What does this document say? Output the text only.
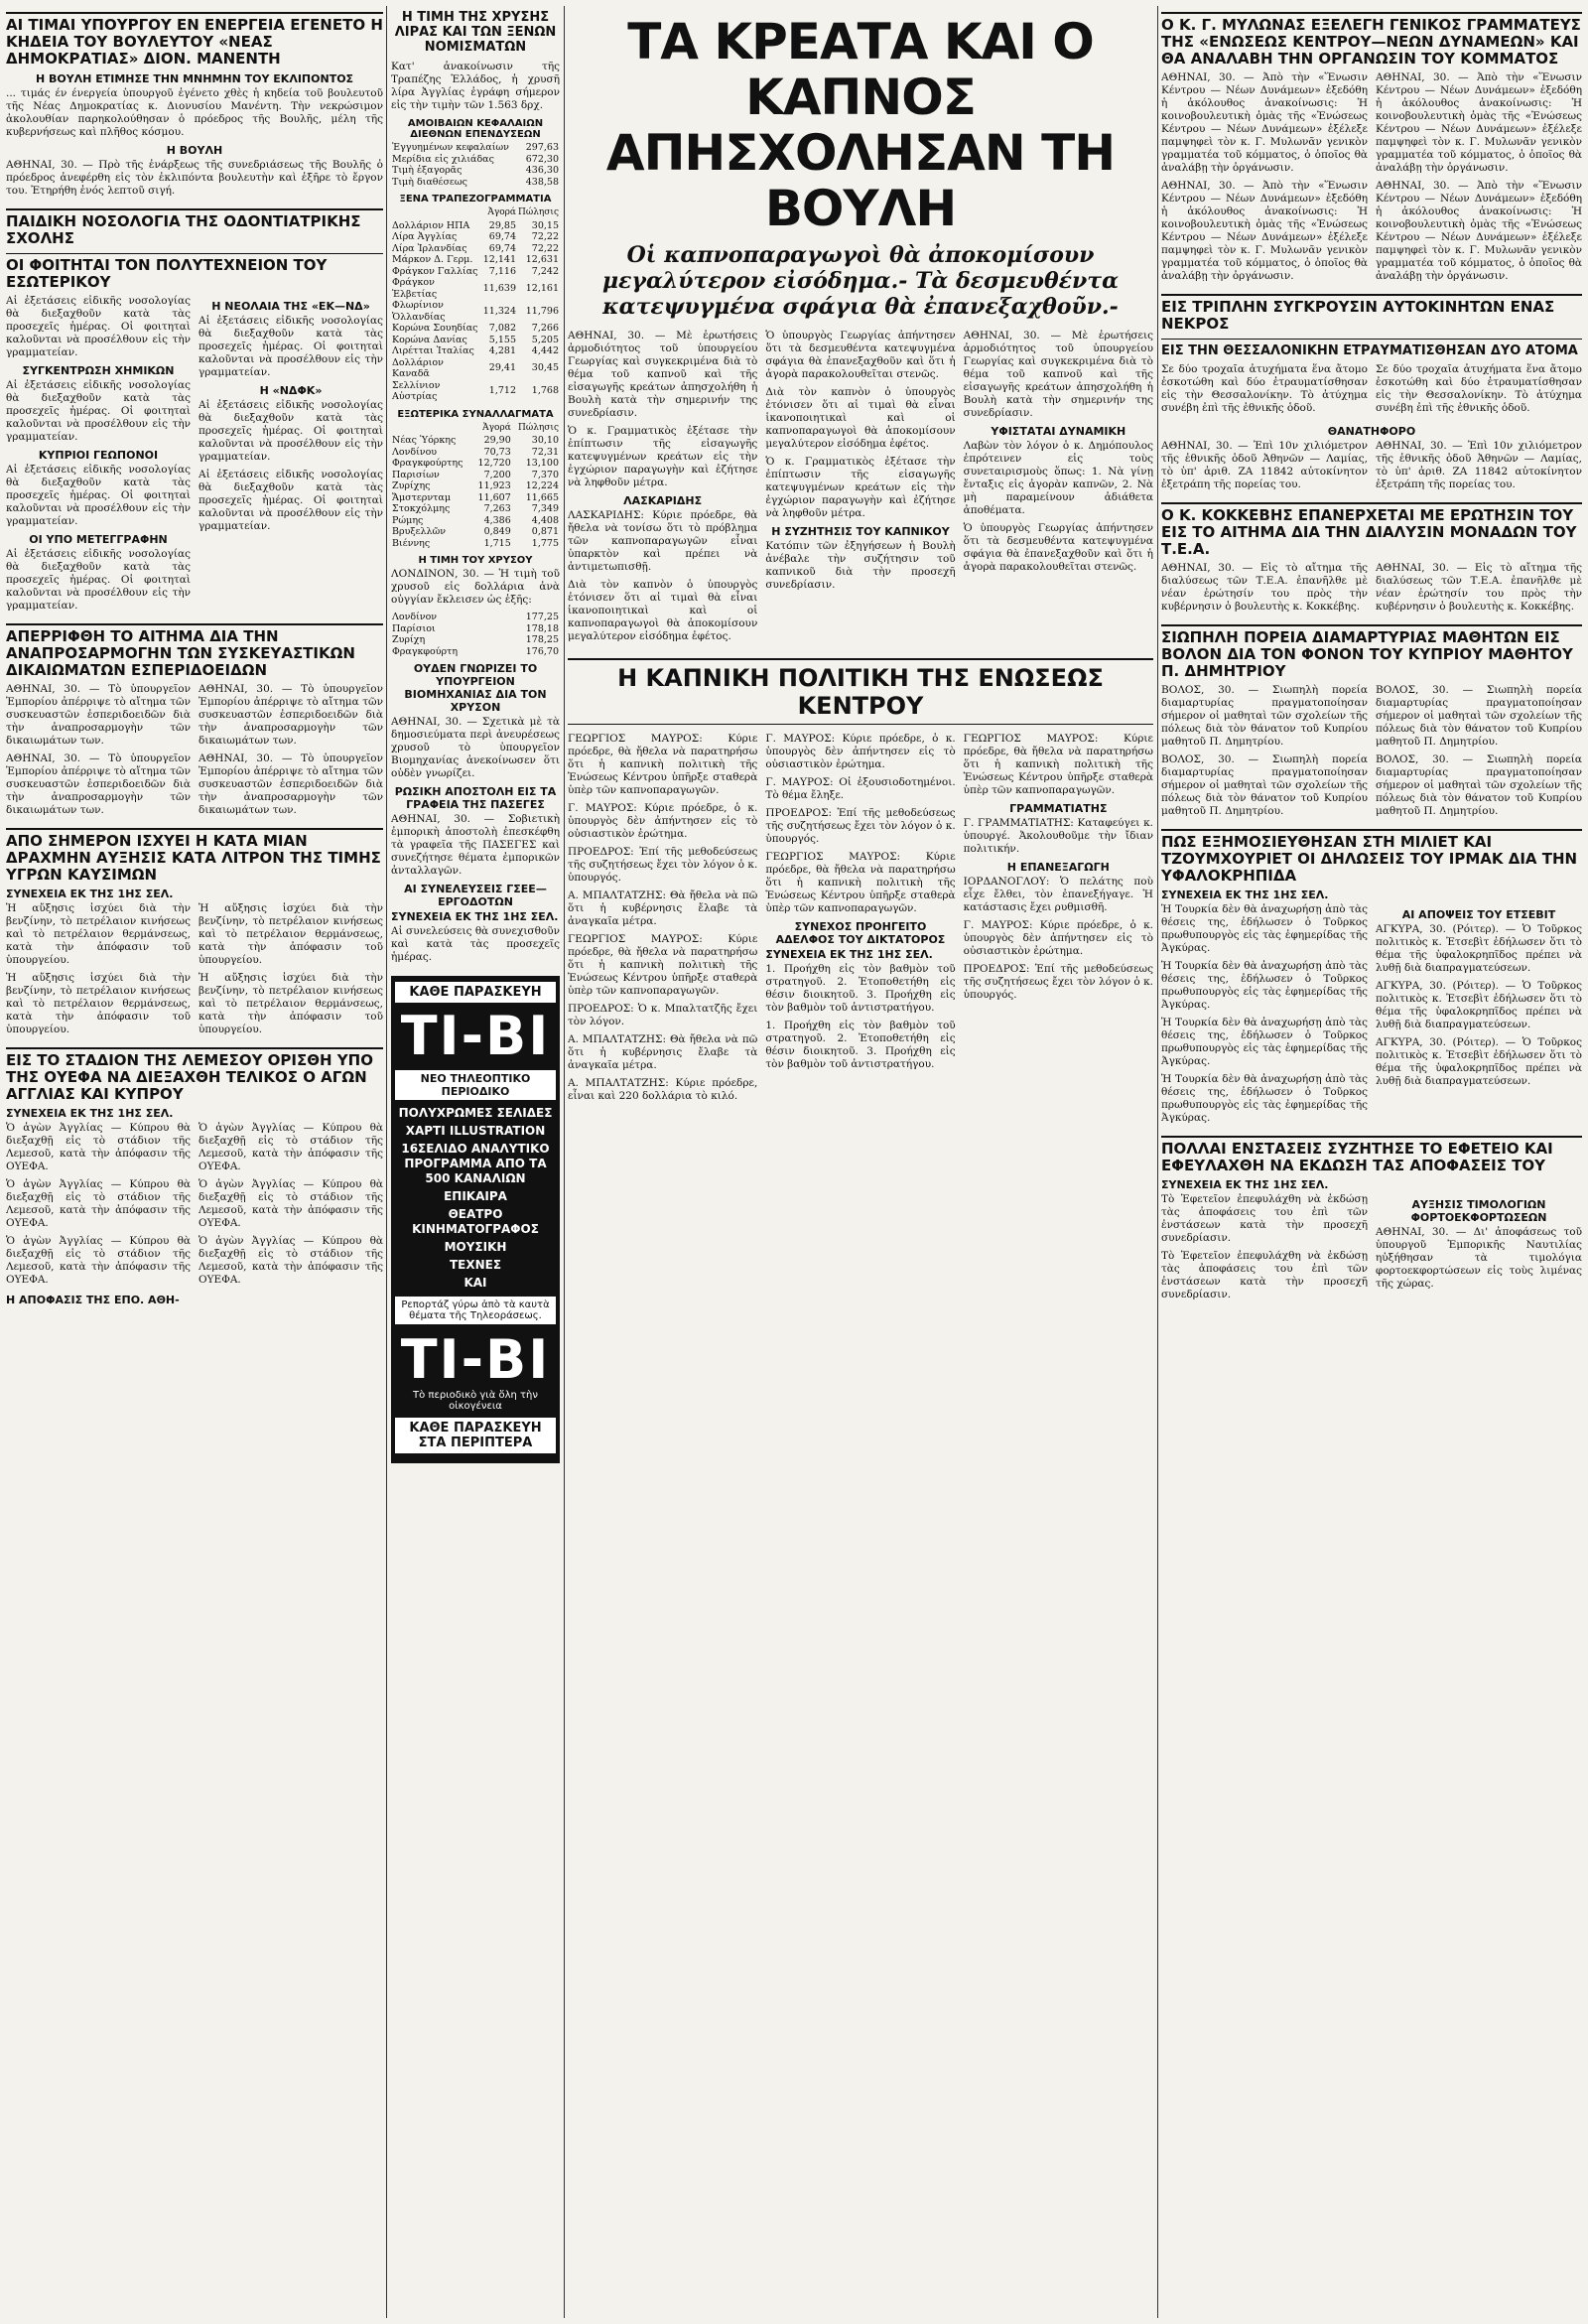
ΑΙ ΤΙΜΑΙ ΥΠΟΥΡΓΟΥ ΕΝ ΕΝΕΡΓΕΙΑ ΕΓΕΝΕΤΟ Η ΚΗΔΕΙΑ ΤΟΥ ΒΟΥΛΕΥΤΟΥ «ΝΕΑΣ ΔΗΜΟΚΡΑΤΙΑΣ» ΔΙΟΝ. ΜΑΝΕΝΤΗ
Η ΒΟΥΛΗ ΕΤΙΜΗΣΕ ΤΗΝ ΜΝΗΜΗΝ ΤΟΥ ΕΚΛΙΠΟΝΤΟΣ

... τιμάς έν ένεργεία ὑπουργοῦ ἐγένετο χθὲς ἡ κηδεία τοῦ βουλευτοῦ τῆς Νέας Δημοκρατίας κ. Διονυσίου Μανέντη. Τὴν νεκρώσιμον ἀκολουθίαν παρηκολούθησαν ὁ πρόεδρος τῆς Βουλῆς, μέλη τῆς κυβερνήσεως καὶ πλῆθος κόσμου.

Η ΒΟΥΛΗ

ΑΘΗΝΑΙ, 30. — Πρὸ τῆς ἐνάρξεως τῆς συνεδριάσεως τῆς Βουλῆς ὁ πρόεδρος ἀνεφέρθη εἰς τὸν ἐκλιπόντα βουλευτὴν καὶ ἐξῆρε τὸ ἔργον του. Ἐτηρήθη ἐνός λεπτοῦ σιγή.

ΠΑΙΔΙΚΗ ΝΟΣΟΛΟΓΙΑ ΤΗΣ ΟΔΟΝΤΙΑΤΡΙΚΗΣ ΣΧΟΛΗΣ
ΟΙ ΦΟΙΤΗΤΑΙ ΤΟΝ ΠΟΛΥΤΕΧΝΕΙΟΝ ΤΟΥ ΕΣΩΤΕΡΙΚΟΥ

Αἱ ἐξετάσεις εἰδικῆς νοσολογίας θὰ διεξαχθοῦν κατὰ τὰς προσεχεῖς ἡμέρας. Οἱ φοιτηταὶ καλοῦνται νὰ προσέλθουν εἰς τὴν γραμματείαν.

ΣΥΓΚΕΝΤΡΩΣΗ ΧΗΜΙΚΩΝ

Αἱ ἐξετάσεις εἰδικῆς νοσολογίας θὰ διεξαχθοῦν κατὰ τὰς προσεχεῖς ἡμέρας. Οἱ φοιτηταὶ καλοῦνται νὰ προσέλθουν εἰς τὴν γραμματείαν.

ΚΥΠΡΙΟΙ ΓΕΩΠΟΝΟΙ

Αἱ ἐξετάσεις εἰδικῆς νοσολογίας θὰ διεξαχθοῦν κατὰ τὰς προσεχεῖς ἡμέρας. Οἱ φοιτηταὶ καλοῦνται νὰ προσέλθουν εἰς τὴν γραμματείαν.

ΟΙ ΥΠΟ ΜΕΤΕΓΓΡΑΦΗΝ

Αἱ ἐξετάσεις εἰδικῆς νοσολογίας θὰ διεξαχθοῦν κατὰ τὰς προσεχεῖς ἡμέρας. Οἱ φοιτηταὶ καλοῦνται νὰ προσέλθουν εἰς τὴν γραμματείαν.

Η ΝΕΟΛΑΙΑ ΤΗΣ «ΕΚ—ΝΔ»

Αἱ ἐξετάσεις εἰδικῆς νοσολογίας θὰ διεξαχθοῦν κατὰ τὰς προσεχεῖς ἡμέρας. Οἱ φοιτηταὶ καλοῦνται νὰ προσέλθουν εἰς τὴν γραμματείαν.

Η «ΝΔΦΚ»

Αἱ ἐξετάσεις εἰδικῆς νοσολογίας θὰ διεξαχθοῦν κατὰ τὰς προσεχεῖς ἡμέρας. Οἱ φοιτηταὶ καλοῦνται νὰ προσέλθουν εἰς τὴν γραμματείαν.

Αἱ ἐξετάσεις εἰδικῆς νοσολογίας θὰ διεξαχθοῦν κατὰ τὰς προσεχεῖς ἡμέρας. Οἱ φοιτηταὶ καλοῦνται νὰ προσέλθουν εἰς τὴν γραμματείαν.

ΑΠΕΡΡΙΦΘΗ ΤΟ ΑΙΤΗΜΑ ΔΙΑ ΤΗΝ ΑΝΑΠΡΟΣΑΡΜΟΓΗΝ ΤΩΝ ΣΥΣΚΕΥΑΣΤΙΚΩΝ ΔΙΚΑΙΩΜΑΤΩΝ ΕΣΠΕΡΙΔΟΕΙΔΩΝ

ΑΘΗΝΑΙ, 30. — Τὸ ὑπουργεῖον Ἐμπορίου ἀπέρριψε τὸ αἴτημα τῶν συσκευαστῶν ἐσπεριδοειδῶν διὰ τὴν ἀναπροσαρμογὴν τῶν δικαιωμάτων των.

ΑΘΗΝΑΙ, 30. — Τὸ ὑπουργεῖον Ἐμπορίου ἀπέρριψε τὸ αἴτημα τῶν συσκευαστῶν ἐσπεριδοειδῶν διὰ τὴν ἀναπροσαρμογὴν τῶν δικαιωμάτων των.

ΑΘΗΝΑΙ, 30. — Τὸ ὑπουργεῖον Ἐμπορίου ἀπέρριψε τὸ αἴτημα τῶν συσκευαστῶν ἐσπεριδοειδῶν διὰ τὴν ἀναπροσαρμογὴν τῶν δικαιωμάτων των.

ΑΘΗΝΑΙ, 30. — Τὸ ὑπουργεῖον Ἐμπορίου ἀπέρριψε τὸ αἴτημα τῶν συσκευαστῶν ἐσπεριδοειδῶν διὰ τὴν ἀναπροσαρμογὴν τῶν δικαιωμάτων των.

ΑΠΟ ΣΗΜΕΡΟΝ ΙΣΧΥΕΙ Η ΚΑΤΑ ΜΙΑΝ ΔΡΑΧΜΗΝ ΑΥΞΗΣΙΣ ΚΑΤΑ ΛΙΤΡΟΝ ΤΗΣ ΤΙΜΗΣ ΥΓΡΩΝ ΚΑΥΣΙΜΩΝ
ΣΥΝΕΧΕΙΑ ΕΚ ΤΗΣ 1ΗΣ ΣΕΛ.

Ἡ αὔξησις ἰσχύει διὰ τὴν βενζίνην, τὸ πετρέλαιον κινήσεως καὶ τὸ πετρέλαιον θερμάνσεως, κατὰ τὴν ἀπόφασιν τοῦ ὑπουργείου.

Ἡ αὔξησις ἰσχύει διὰ τὴν βενζίνην, τὸ πετρέλαιον κινήσεως καὶ τὸ πετρέλαιον θερμάνσεως, κατὰ τὴν ἀπόφασιν τοῦ ὑπουργείου.

Ἡ αὔξησις ἰσχύει διὰ τὴν βενζίνην, τὸ πετρέλαιον κινήσεως καὶ τὸ πετρέλαιον θερμάνσεως, κατὰ τὴν ἀπόφασιν τοῦ ὑπουργείου.

Ἡ αὔξησις ἰσχύει διὰ τὴν βενζίνην, τὸ πετρέλαιον κινήσεως καὶ τὸ πετρέλαιον θερμάνσεως, κατὰ τὴν ἀπόφασιν τοῦ ὑπουργείου.

ΕΙΣ ΤΟ ΣΤΑΔΙΟΝ ΤΗΣ ΛΕΜΕΣΟΥ ΟΡΙΣΘΗ ΥΠΟ ΤΗΣ ΟΥΕΦΑ ΝΑ ΔΙΕΞΑΧΘΗ ΤΕΛΙΚΟΣ Ο ΑΓΩΝ ΑΓΓΛΙΑΣ ΚΑΙ ΚΥΠΡΟΥ
ΣΥΝΕΧΕΙΑ ΕΚ ΤΗΣ 1ΗΣ ΣΕΛ.

Ὁ ἀγὼν Ἀγγλίας — Κύπρου θὰ διεξαχθῇ εἰς τὸ στάδιον τῆς Λεμεσοῦ, κατὰ τὴν ἀπόφασιν τῆς ΟΥΕΦΑ.

Ὁ ἀγὼν Ἀγγλίας — Κύπρου θὰ διεξαχθῇ εἰς τὸ στάδιον τῆς Λεμεσοῦ, κατὰ τὴν ἀπόφασιν τῆς ΟΥΕΦΑ.

Ὁ ἀγὼν Ἀγγλίας — Κύπρου θὰ διεξαχθῇ εἰς τὸ στάδιον τῆς Λεμεσοῦ, κατὰ τὴν ἀπόφασιν τῆς ΟΥΕΦΑ.

Ὁ ἀγὼν Ἀγγλίας — Κύπρου θὰ διεξαχθῇ εἰς τὸ στάδιον τῆς Λεμεσοῦ, κατὰ τὴν ἀπόφασιν τῆς ΟΥΕΦΑ.

Ὁ ἀγὼν Ἀγγλίας — Κύπρου θὰ διεξαχθῇ εἰς τὸ στάδιον τῆς Λεμεσοῦ, κατὰ τὴν ἀπόφασιν τῆς ΟΥΕΦΑ.

Ὁ ἀγὼν Ἀγγλίας — Κύπρου θὰ διεξαχθῇ εἰς τὸ στάδιον τῆς Λεμεσοῦ, κατὰ τὴν ἀπόφασιν τῆς ΟΥΕΦΑ.

Η ΑΠΟΦΑΣΙΣ ΤΗΣ ΕΠΟ. ΑΘΗ-
Η ΤΙΜΗ ΤΗΣ ΧΡΥΣΗΣ ΛΙΡΑΣ ΚΑΙ ΤΩΝ ΞΕΝΩΝ ΝΟΜΙΣΜΑΤΩΝ

Κατ' ἀνακοίνωσιν τῆς Τραπέζης Ἑλλάδος, ἡ χρυσῆ λίρα Ἀγγλίας ἐγράφη σήμερον εἰς τὴν τιμὴν τῶν 1.563 δρχ.

ΑΜΟΙΒΑΙΩΝ ΚΕΦΑΛΑΙΩΝ ΔΙΕΘΝΩΝ ΕΠΕΝΔΥΣΕΩΝ
Ἐγγυημένων κεφαλαίων	297,63
Μερίδια εἰς χιλιάδας	672,30
Τιμὴ ἐξαγορᾶς	436,30
Τιμὴ διαθέσεως	438,58
ΞΕΝΑ ΤΡΑΠΕΖΟΓΡΑΜΜΑΤΙΑ
	Ἀγορά	Πώλησις
Δολλάριον ΗΠΑ	29,85	30,15
Λίρα Ἀγγλίας	69,74	72,22
Λίρα Ἰρλανδίας	69,74	72,22
Μάρκον Δ. Γερμ.	12,141	12,631
Φράγκον Γαλλίας	7,116	7,242
Φράγκον Ἑλβετίας	11,639	12,161
Φλωρίνιον Ὁλλανδίας	11,324	11,796
Κορώνα Σουηδίας	7,082	7,266
Κορώνα Δανίας	5,155	5,205
Λιρέτται Ἰταλίας	4,281	4,442
Δολλάριον Καναδᾶ	29,41	30,45
Σελλίνιον Αὐστρίας	1,712	1,768
ΕΞΩΤΕΡΙΚΑ ΣΥΝΑΛΛΑΓΜΑΤΑ
	Ἀγορά	Πώλησις
Νέας Ὑόρκης	29,90	30,10
Λονδίνου	70,73	72,31
Φραγκφούρτης	12,720	13,100
Παρισίων	7,200	7,370
Ζυρίχης	11,923	12,224
Ἄμστερνταμ	11,607	11,665
Στοκχόλμης	7,263	7,349
Ρώμης	4,386	4,408
Βρυξελλῶν	0,849	0,871
Βιέννης	1,715	1,775
Η ΤΙΜΗ ΤΟΥ ΧΡΥΣΟΥ

ΛΟΝΔΙΝΟΝ, 30. — Ἡ τιμὴ τοῦ χρυσοῦ εἰς δολλάρια ἀνὰ οὐγγίαν ἔκλεισεν ὡς ἑξῆς:

Λονδίνον	177,25
Παρίσιοι	178,18
Ζυρίχη	178,25
Φραγκφούρτη	176,70
ΟΥΔΕΝ ΓΝΩΡΙΖΕΙ ΤΟ ΥΠΟΥΡΓΕΙΟΝ ΒΙΟΜΗΧΑΝΙΑΣ ΔΙΑ ΤΟΝ ΧΡΥΣΟΝ

ΑΘΗΝΑΙ, 30. — Σχετικὰ μὲ τὰ δημοσιεύματα περὶ ἀνευρέσεως χρυσοῦ τὸ ὑπουργεῖον Βιομηχανίας ἀνεκοίνωσεν ὅτι οὐδὲν γνωρίζει.

ΡΩΣΙΚΗ ΑΠΟΣΤΟΛΗ ΕΙΣ ΤΑ ΓΡΑΦΕΙΑ ΤΗΣ ΠΑΣΕΓΕΣ

ΑΘΗΝΑΙ, 30. — Σοβιετικὴ ἐμπορικὴ ἀποστολὴ ἐπεσκέφθη τὰ γραφεῖα τῆς ΠΑΣΕΓΕΣ καὶ συνεζήτησε θέματα ἐμπορικῶν ἀνταλλαγῶν.

ΑΙ ΣΥΝΕΛΕΥΣΕΙΣ ΓΣΕΕ—ΕΡΓΟΔΟΤΩΝ
ΣΥΝΕΧΕΙΑ ΕΚ ΤΗΣ 1ΗΣ ΣΕΛ.

Αἱ συνελεύσεις θὰ συνεχισθοῦν καὶ κατὰ τὰς προσεχεῖς ἡμέρας.

ΚΑΘΕ ΠΑΡΑΣΚΕΥΗ
ΤΙ-ΒΙ
ΝΕΟ ΤΗΛΕΟΠΤΙΚΟ ΠΕΡΙΟΔΙΚΟ
ΠΟΛΥΧΡΩΜΕΣ ΣΕΛΙΔΕΣ
ΧΑΡΤΙ ILLUSTRATION
16ΣΕΛΙΔΟ ΑΝΑΛΥΤΙΚΟ ΠΡΟΓΡΑΜΜΑ ΑΠΟ ΤΑ 500 ΚΑΝΑΛΙΩΝ
ΕΠΙΚΑΙΡΑ
ΘΕΑΤΡΟ ΚΙΝΗΜΑΤΟΓΡΑΦΟΣ
ΜΟΥΣΙΚΗ
ΤΕΧΝΕΣ
ΚΑΙ
Ρεπορτάζ γύρω ἀπὸ τὰ καυτὰ θέματα τῆς Τηλεοράσεως.
ΤΙ-ΒΙ
Τὸ περιοδικὸ γιὰ ὅλη τὴν οἰκογένεια
ΚΑΘΕ ΠΑΡΑΣΚΕΥΗ ΣΤΑ ΠΕΡΙΠΤΕΡΑ
ΤΑ ΚΡΕΑΤΑ ΚΑΙ Ο ΚΑΠΝΟΣ
ΑΠΗΣΧΟΛΗΣΑΝ ΤΗ ΒΟΥΛΗ
Οἱ καπνοπαραγωγοὶ θὰ ἀποκομίσουν μεγαλύτερον εἰσόδημα.- Τὰ δεσμευθέντα κατεψυγμένα σφάγια θὰ ἐπανεξαχθοῦν.-

ΑΘΗΝΑΙ, 30. — Μὲ ἐρωτήσεις ἀρμοδιότητος τοῦ ὑπουργείου Γεωργίας καὶ συγκεκριμένα διὰ τὸ θέμα τοῦ καπνοῦ καὶ τῆς εἰσαγωγῆς κρεάτων ἀπησχολήθη ἡ Βουλὴ κατὰ τὴν σημερινήν της συνεδρίασιν.

Ὁ κ. Γραμματικὸς ἐξέτασε τὴν ἐπίπτωσιν τῆς εἰσαγωγῆς κατεψυγμένων κρεάτων εἰς τὴν ἐγχώριον παραγωγὴν καὶ ἐζήτησε νὰ ληφθοῦν μέτρα.

ΛΑΣΚΑΡΙΔΗΣ

ΛΑΣΚΑΡΙΔΗΣ: Κύριε πρόεδρε, θὰ ἤθελα νὰ τονίσω ὅτι τὸ πρόβλημα τῶν καπνοπαραγωγῶν εἶναι ὑπαρκτὸν καὶ πρέπει νὰ ἀντιμετωπισθῇ.

Διὰ τὸν καπνὸν ὁ ὑπουργὸς ἐτόνισεν ὅτι αἱ τιμαὶ θὰ εἶναι ἱκανοποιητικαὶ καὶ οἱ καπνοπαραγωγοὶ θὰ ἀποκομίσουν μεγαλύτερον εἰσόδημα ἐφέτος.

Ὁ ὑπουργὸς Γεωργίας ἀπήντησεν ὅτι τὰ δεσμευθέντα κατεψυγμένα σφάγια θὰ ἐπανεξαχθοῦν καὶ ὅτι ἡ ἀγορὰ παρακολουθεῖται στενῶς.

Διὰ τὸν καπνὸν ὁ ὑπουργὸς ἐτόνισεν ὅτι αἱ τιμαὶ θὰ εἶναι ἱκανοποιητικαὶ καὶ οἱ καπνοπαραγωγοὶ θὰ ἀποκομίσουν μεγαλύτερον εἰσόδημα ἐφέτος.

Ὁ κ. Γραμματικὸς ἐξέτασε τὴν ἐπίπτωσιν τῆς εἰσαγωγῆς κατεψυγμένων κρεάτων εἰς τὴν ἐγχώριον παραγωγὴν καὶ ἐζήτησε νὰ ληφθοῦν μέτρα.

Η ΣΥΖΗΤΗΣΙΣ ΤΟΥ ΚΑΠΝΙΚΟΥ

Κατόπιν τῶν ἐξηγήσεων ἡ Βουλὴ ἀνέβαλε τὴν συζήτησιν τοῦ καπνικοῦ διὰ τὴν προσεχῆ συνεδρίασιν.

ΑΘΗΝΑΙ, 30. — Μὲ ἐρωτήσεις ἀρμοδιότητος τοῦ ὑπουργείου Γεωργίας καὶ συγκεκριμένα διὰ τὸ θέμα τοῦ καπνοῦ καὶ τῆς εἰσαγωγῆς κρεάτων ἀπησχολήθη ἡ Βουλὴ κατὰ τὴν σημερινήν της συνεδρίασιν.

ΥΦΙΣΤΑΤΑΙ ΔΥΝΑΜΙΚΗ

Λαβὼν τὸν λόγον ὁ κ. Δημόπουλος ἐπρότεινεν εἰς τοὺς συνεταιρισμοὺς ὅπως: 1. Νὰ γίνῃ ἔνταξις εἰς ἀγορὰν καπνῶν, 2. Νὰ μὴ παραμείνουν ἀδιάθετα ἀποθέματα.

Ὁ ὑπουργὸς Γεωργίας ἀπήντησεν ὅτι τὰ δεσμευθέντα κατεψυγμένα σφάγια θὰ ἐπανεξαχθοῦν καὶ ὅτι ἡ ἀγορὰ παρακολουθεῖται στενῶς.

Η ΚΑΠΝΙΚΗ ΠΟΛΙΤΙΚΗ ΤΗΣ ΕΝΩΣΕΩΣ ΚΕΝΤΡΟΥ

ΓΕΩΡΓΙΟΣ ΜΑΥΡΟΣ: Κύριε πρόεδρε, θὰ ἤθελα νὰ παρατηρήσω ὅτι ἡ καπνικὴ πολιτικὴ τῆς Ἑνώσεως Κέντρου ὑπῆρξε σταθερὰ ὑπὲρ τῶν καπνοπαραγωγῶν.

Γ. ΜΑΥΡΟΣ: Κύριε πρόεδρε, ὁ κ. ὑπουργὸς δὲν ἀπήντησεν εἰς τὸ οὐσιαστικὸν ἐρώτημα.

ΠΡΟΕΔΡΟΣ: Ἐπί τῆς μεθοδεύσεως τῆς συζητήσεως ἔχει τὸν λόγον ὁ κ. ὑπουργός.

Α. ΜΠΑΛΤΑΤΖΗΣ: Θὰ ἤθελα νὰ πῶ ὅτι ἡ κυβέρνησις ἔλαβε τὰ ἀναγκαῖα μέτρα.

ΓΕΩΡΓΙΟΣ ΜΑΥΡΟΣ: Κύριε πρόεδρε, θὰ ἤθελα νὰ παρατηρήσω ὅτι ἡ καπνικὴ πολιτικὴ τῆς Ἑνώσεως Κέντρου ὑπῆρξε σταθερὰ ὑπὲρ τῶν καπνοπαραγωγῶν.

ΠΡΟΕΔΡΟΣ: Ὁ κ. Μπαλτατζῆς ἔχει τὸν λόγον.

Α. ΜΠΑΛΤΑΤΖΗΣ: Θὰ ἤθελα νὰ πῶ ὅτι ἡ κυβέρνησις ἔλαβε τὰ ἀναγκαῖα μέτρα.

Α. ΜΠΑΛΤΑΤΖΗΣ: Κύριε πρόεδρε, εἶναι καὶ 220 δολλάρια τὸ κιλό.

Γ. ΜΑΥΡΟΣ: Κύριε πρόεδρε, ὁ κ. ὑπουργὸς δὲν ἀπήντησεν εἰς τὸ οὐσιαστικὸν ἐρώτημα.

Γ. ΜΑΥΡΟΣ: Οἱ ἐξουσιοδοτημένοι. Τὸ θέμα ἔληξε.

ΠΡΟΕΔΡΟΣ: Ἐπί τῆς μεθοδεύσεως τῆς συζητήσεως ἔχει τὸν λόγον ὁ κ. ὑπουργός.

ΓΕΩΡΓΙΟΣ ΜΑΥΡΟΣ: Κύριε πρόεδρε, θὰ ἤθελα νὰ παρατηρήσω ὅτι ἡ καπνικὴ πολιτικὴ τῆς Ἑνώσεως Κέντρου ὑπῆρξε σταθερὰ ὑπὲρ τῶν καπνοπαραγωγῶν.

ΣΥΝΕΧΟΣ ΠΡΟΗΓΕΙΤΟ ΑΔΕΛΦΟΣ ΤΟΥ ΔΙΚΤΑΤΟΡΟΣ
ΣΥΝΕΧΕΙΑ ΕΚ ΤΗΣ 1ΗΣ ΣΕΛ.

1. Προήχθη εἰς τὸν βαθμὸν τοῦ στρατηγοῦ. 2. Ἐτοποθετήθη εἰς θέσιν διοικητοῦ. 3. Προήχθη εἰς τὸν βαθμὸν τοῦ ἀντιστρατήγου.

1. Προήχθη εἰς τὸν βαθμὸν τοῦ στρατηγοῦ. 2. Ἐτοποθετήθη εἰς θέσιν διοικητοῦ. 3. Προήχθη εἰς τὸν βαθμὸν τοῦ ἀντιστρατήγου.

ΓΕΩΡΓΙΟΣ ΜΑΥΡΟΣ: Κύριε πρόεδρε, θὰ ἤθελα νὰ παρατηρήσω ὅτι ἡ καπνικὴ πολιτικὴ τῆς Ἑνώσεως Κέντρου ὑπῆρξε σταθερὰ ὑπὲρ τῶν καπνοπαραγωγῶν.

ΓΡΑΜΜΑΤΙΑΤΗΣ

Γ. ΓΡΑΜΜΑΤΙΑΤΗΣ: Καταφεύγει κ. ὑπουργέ. Ἀκολουθοῦμε τὴν ἴδιαν πολιτικήν.

Η ΕΠΑΝΕΞΑΓΩΓΗ

ΙΟΡΔΑΝΟΓΛΟΥ: Ὁ πελάτης ποὺ εἶχε ἔλθει, τὸν ἐπανεξήγαγε. Ἡ κατάστασις ἔχει ρυθμισθῆ.

Γ. ΜΑΥΡΟΣ: Κύριε πρόεδρε, ὁ κ. ὑπουργὸς δὲν ἀπήντησεν εἰς τὸ οὐσιαστικὸν ἐρώτημα.

ΠΡΟΕΔΡΟΣ: Ἐπί τῆς μεθοδεύσεως τῆς συζητήσεως ἔχει τὸν λόγον ὁ κ. ὑπουργός.

Ο Κ. Γ. ΜΥΛΩΝΑΣ ΕΞΕΛΕΓΗ ΓΕΝΙΚΟΣ ΓΡΑΜΜΑΤΕΥΣ ΤΗΣ «ΕΝΩΣΕΩΣ ΚΕΝΤΡΟΥ—ΝΕΩΝ ΔΥΝΑΜΕΩΝ» ΚΑΙ ΘΑ ΑΝΑΛΑΒΗ ΤΗΝ ΟΡΓΑΝΩΣΙΝ ΤΟΥ ΚΟΜΜΑΤΟΣ

ΑΘΗΝΑΙ, 30. — Ἀπὸ τὴν «Ἕνωσιν Κέντρου — Νέων Δυνάμεων» ἐξεδόθη ἡ ἀκόλουθος ἀνακοίνωσις: Ἡ κοινοβουλευτικὴ ὁμὰς τῆς «Ἑνώσεως Κέντρου — Νέων Δυνάμεων» ἐξέλεξε παμψηφεὶ τὸν κ. Γ. Μυλωνᾶν γενικὸν γραμματέα τοῦ κόμματος, ὁ ὁποῖος θὰ ἀναλάβῃ τὴν ὀργάνωσιν.

ΑΘΗΝΑΙ, 30. — Ἀπὸ τὴν «Ἕνωσιν Κέντρου — Νέων Δυνάμεων» ἐξεδόθη ἡ ἀκόλουθος ἀνακοίνωσις: Ἡ κοινοβουλευτικὴ ὁμὰς τῆς «Ἑνώσεως Κέντρου — Νέων Δυνάμεων» ἐξέλεξε παμψηφεὶ τὸν κ. Γ. Μυλωνᾶν γενικὸν γραμματέα τοῦ κόμματος, ὁ ὁποῖος θὰ ἀναλάβῃ τὴν ὀργάνωσιν.

ΑΘΗΝΑΙ, 30. — Ἀπὸ τὴν «Ἕνωσιν Κέντρου — Νέων Δυνάμεων» ἐξεδόθη ἡ ἀκόλουθος ἀνακοίνωσις: Ἡ κοινοβουλευτικὴ ὁμὰς τῆς «Ἑνώσεως Κέντρου — Νέων Δυνάμεων» ἐξέλεξε παμψηφεὶ τὸν κ. Γ. Μυλωνᾶν γενικὸν γραμματέα τοῦ κόμματος, ὁ ὁποῖος θὰ ἀναλάβῃ τὴν ὀργάνωσιν.

ΑΘΗΝΑΙ, 30. — Ἀπὸ τὴν «Ἕνωσιν Κέντρου — Νέων Δυνάμεων» ἐξεδόθη ἡ ἀκόλουθος ἀνακοίνωσις: Ἡ κοινοβουλευτικὴ ὁμὰς τῆς «Ἑνώσεως Κέντρου — Νέων Δυνάμεων» ἐξέλεξε παμψηφεὶ τὸν κ. Γ. Μυλωνᾶν γενικὸν γραμματέα τοῦ κόμματος, ὁ ὁποῖος θὰ ἀναλάβῃ τὴν ὀργάνωσιν.

ΕΙΣ ΤΡΙΠΛΗΝ ΣΥΓΚΡΟΥΣΙΝ ΑΥΤΟΚΙΝΗΤΩΝ ΕΝΑΣ ΝΕΚΡΟΣ
ΕΙΣ ΤΗΝ ΘΕΣΣΑΛΟΝΙΚΗΝ ΕΤΡΑΥΜΑΤΙΣΘΗΣΑΝ ΔΥΟ ΑΤΟΜΑ

Σε δύο τροχαῖα ἀτυχήματα ἕνα ἄτομο ἐσκοτώθη καὶ δύο ἐτραυματίσθησαν εἰς τὴν Θεσσαλονίκην. Τὸ ἀτύχημα συνέβη ἐπὶ τῆς ἐθνικῆς ὁδοῦ.

Σε δύο τροχαῖα ἀτυχήματα ἕνα ἄτομο ἐσκοτώθη καὶ δύο ἐτραυματίσθησαν εἰς τὴν Θεσσαλονίκην. Τὸ ἀτύχημα συνέβη ἐπὶ τῆς ἐθνικῆς ὁδοῦ.

ΘΑΝΑΤΗΦΟΡΟ

ΑΘΗΝΑΙ, 30. — Ἐπὶ 10ν χιλιόμετρον τῆς ἐθνικῆς ὁδοῦ Ἀθηνῶν — Λαμίας, τὸ ὑπ' ἀριθ. ΖΑ 11842 αὐτοκίνητον ἐξετράπη τῆς πορείας του.

ΑΘΗΝΑΙ, 30. — Ἐπὶ 10ν χιλιόμετρον τῆς ἐθνικῆς ὁδοῦ Ἀθηνῶν — Λαμίας, τὸ ὑπ' ἀριθ. ΖΑ 11842 αὐτοκίνητον ἐξετράπη τῆς πορείας του.

Ο Κ. ΚΟΚΚΕΒΗΣ ΕΠΑΝΕΡΧΕΤΑΙ ΜΕ ΕΡΩΤΗΣΙΝ ΤΟΥ ΕΙΣ ΤΟ ΑΙΤΗΜΑ ΔΙΑ ΤΗΝ ΔΙΑΛΥΣΙΝ ΜΟΝΑΔΩΝ ΤΟΥ Τ.Ε.Α.

ΑΘΗΝΑΙ, 30. — Εἰς τὸ αἴτημα τῆς διαλύσεως τῶν Τ.Ε.Α. ἐπανῆλθε μὲ νέαν ἐρώτησίν του πρὸς τὴν κυβέρνησιν ὁ βουλευτὴς κ. Κοκκέβης.

ΑΘΗΝΑΙ, 30. — Εἰς τὸ αἴτημα τῆς διαλύσεως τῶν Τ.Ε.Α. ἐπανῆλθε μὲ νέαν ἐρώτησίν του πρὸς τὴν κυβέρνησιν ὁ βουλευτὴς κ. Κοκκέβης.

ΣΙΩΠΗΛΗ ΠΟΡΕΙΑ ΔΙΑΜΑΡΤΥΡΙΑΣ ΜΑΘΗΤΩΝ ΕΙΣ ΒΟΛΟΝ ΔΙΑ ΤΟΝ ΦΟΝΟΝ ΤΟΥ ΚΥΠΡΙΟΥ ΜΑΘΗΤΟΥ Π. ΔΗΜΗΤΡΙΟΥ

ΒΟΛΟΣ, 30. — Σιωπηλὴ πορεία διαμαρτυρίας πραγματοποίησαν σήμερον οἱ μαθηταὶ τῶν σχολείων τῆς πόλεως διὰ τὸν θάνατον τοῦ Κυπρίου μαθητοῦ Π. Δημητρίου.

ΒΟΛΟΣ, 30. — Σιωπηλὴ πορεία διαμαρτυρίας πραγματοποίησαν σήμερον οἱ μαθηταὶ τῶν σχολείων τῆς πόλεως διὰ τὸν θάνατον τοῦ Κυπρίου μαθητοῦ Π. Δημητρίου.

ΒΟΛΟΣ, 30. — Σιωπηλὴ πορεία διαμαρτυρίας πραγματοποίησαν σήμερον οἱ μαθηταὶ τῶν σχολείων τῆς πόλεως διὰ τὸν θάνατον τοῦ Κυπρίου μαθητοῦ Π. Δημητρίου.

ΒΟΛΟΣ, 30. — Σιωπηλὴ πορεία διαμαρτυρίας πραγματοποίησαν σήμερον οἱ μαθηταὶ τῶν σχολείων τῆς πόλεως διὰ τὸν θάνατον τοῦ Κυπρίου μαθητοῦ Π. Δημητρίου.

ΠΩΣ ΕΞΗΜΟΣΙΕΥΘΗΣΑΝ ΣΤΗ ΜΙΛΙΕΤ ΚΑΙ ΤΖΟΥΜΧΟΥΡΙΕΤ ΟΙ ΔΗΛΩΣΕΙΣ ΤΟΥ ΙΡΜΑΚ ΔΙΑ ΤΗΝ ΥΦΑΛΟΚΡΗΠΙΔΑ
ΣΥΝΕΧΕΙΑ ΕΚ ΤΗΣ 1ΗΣ ΣΕΛ.

Ἡ Τουρκία δὲν θὰ ἀναχωρήσῃ ἀπὸ τὰς θέσεις της, ἐδήλωσεν ὁ Τοῦρκος πρωθυπουργὸς εἰς τὰς ἐφημερίδας τῆς Ἀγκύρας.

Ἡ Τουρκία δὲν θὰ ἀναχωρήσῃ ἀπὸ τὰς θέσεις της, ἐδήλωσεν ὁ Τοῦρκος πρωθυπουργὸς εἰς τὰς ἐφημερίδας τῆς Ἀγκύρας.

Ἡ Τουρκία δὲν θὰ ἀναχωρήσῃ ἀπὸ τὰς θέσεις της, ἐδήλωσεν ὁ Τοῦρκος πρωθυπουργὸς εἰς τὰς ἐφημερίδας τῆς Ἀγκύρας.

Ἡ Τουρκία δὲν θὰ ἀναχωρήσῃ ἀπὸ τὰς θέσεις της, ἐδήλωσεν ὁ Τοῦρκος πρωθυπουργὸς εἰς τὰς ἐφημερίδας τῆς Ἀγκύρας.

ΑΙ ΑΠΟΨΕΙΣ ΤΟΥ ΕΤΣΕΒΙΤ

ΑΓΚΥΡΑ, 30. (Ρόιτερ). — Ὁ Τοῦρκος πολιτικὸς κ. Ἐτσεβὶτ ἐδήλωσεν ὅτι τὸ θέμα τῆς ὑφαλοκρηπῖδος πρέπει νὰ λυθῇ διὰ διαπραγματεύσεων.

ΑΓΚΥΡΑ, 30. (Ρόιτερ). — Ὁ Τοῦρκος πολιτικὸς κ. Ἐτσεβὶτ ἐδήλωσεν ὅτι τὸ θέμα τῆς ὑφαλοκρηπῖδος πρέπει νὰ λυθῇ διὰ διαπραγματεύσεων.

ΑΓΚΥΡΑ, 30. (Ρόιτερ). — Ὁ Τοῦρκος πολιτικὸς κ. Ἐτσεβὶτ ἐδήλωσεν ὅτι τὸ θέμα τῆς ὑφαλοκρηπῖδος πρέπει νὰ λυθῇ διὰ διαπραγματεύσεων.

ΠΟΛΛΑΙ ΕΝΣΤΑΣΕΙΣ ΣΥΖΗΤΗΣΕ ΤΟ ΕΦΕΤΕΙΟ ΚΑΙ ΕΦΕΥΛΑΧΘΗ ΝΑ ΕΚΔΩΣΗ ΤΑΣ ΑΠΟΦΑΣΕΙΣ ΤΟΥ
ΣΥΝΕΧΕΙΑ ΕΚ ΤΗΣ 1ΗΣ ΣΕΛ.

Τὸ Ἐφετεῖον ἐπεφυλάχθη νὰ ἐκδώσῃ τὰς ἀποφάσεις του ἐπὶ τῶν ἐνστάσεων κατὰ τὴν προσεχῆ συνεδρίασιν.

Τὸ Ἐφετεῖον ἐπεφυλάχθη νὰ ἐκδώσῃ τὰς ἀποφάσεις του ἐπὶ τῶν ἐνστάσεων κατὰ τὴν προσεχῆ συνεδρίασιν.

ΑΥΞΗΣΙΣ ΤΙΜΟΛΟΓΙΩΝ ΦΟΡΤΟΕΚΦΟΡΤΩΣΕΩΝ

ΑΘΗΝΑΙ, 30. — Δι' ἀποφάσεως τοῦ ὑπουργοῦ Ἐμπορικῆς Ναυτιλίας ηὐξήθησαν τὰ τιμολόγια φορτοεκφορτώσεων εἰς τοὺς λιμένας τῆς χώρας.
